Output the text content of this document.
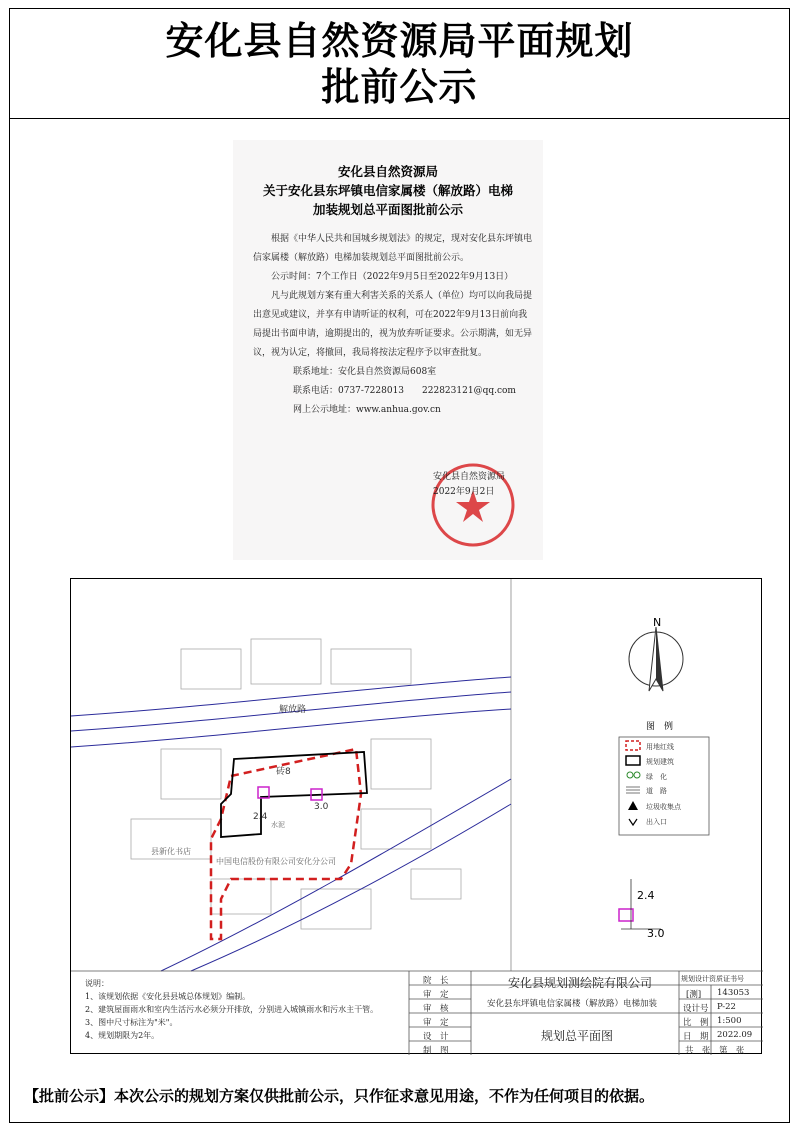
安化县自然资源局平面规划
批前公示
安化县自然资源局
关于安化县东坪镇电信家属楼（解放路）电梯
加装规划总平面图批前公示

根据《中华人民共和国城乡规划法》的规定，现对安化县东坪镇电信家属楼（解放路）电梯加装规划总平面图批前公示。

公示时间：7个工作日（2022年9月5日至2022年9月13日）

凡与此规划方案有重大利害关系的关系人（单位）均可以向我局提出意见或建议，并享有申请听证的权利，可在2022年9月13日前向我局提出书面申请，逾期提出的，视为放弃听证要求。公示期满，如无异议，视为认定，将撤回，我局将按法定程序予以审查批复。

联系地址：安化县自然资源局608室

联系电话：0737-7228013　　222823121@qq.com

网上公示地址：www.anhua.gov.cn

安化县自然资源局
2022年9月2日
解放路
砖8
2.4
3.0
县新化书店
中国电信股份有限公司安化分公司
水泥
N
图　例
用地红线
规划建筑
绿　化
道　路
垃圾收集点
出入口
2.4
3.0

说明：

1、该规划依据《安化县县城总体规划》编制。

2、建筑屋面雨水和室内生活污水必须分开排放，分别进入城镇雨水和污水主干管。

3、图中尺寸标注为"米"。

4、规划期限为2年。

院　长
审　定
审　核
审　定
设　计
制　图
安化县规划测绘院有限公司
安化县东坪镇电信家属楼（解放路）电梯加装
规划总平面图
规划设计资质证书号
[测] 143053
设计号 P-22
比　例 1:500
日　期 2022.09
共　张　第　张
【批前公示】本次公示的规划方案仅供批前公示，只作征求意见用途，不作为任何项目的依据。
